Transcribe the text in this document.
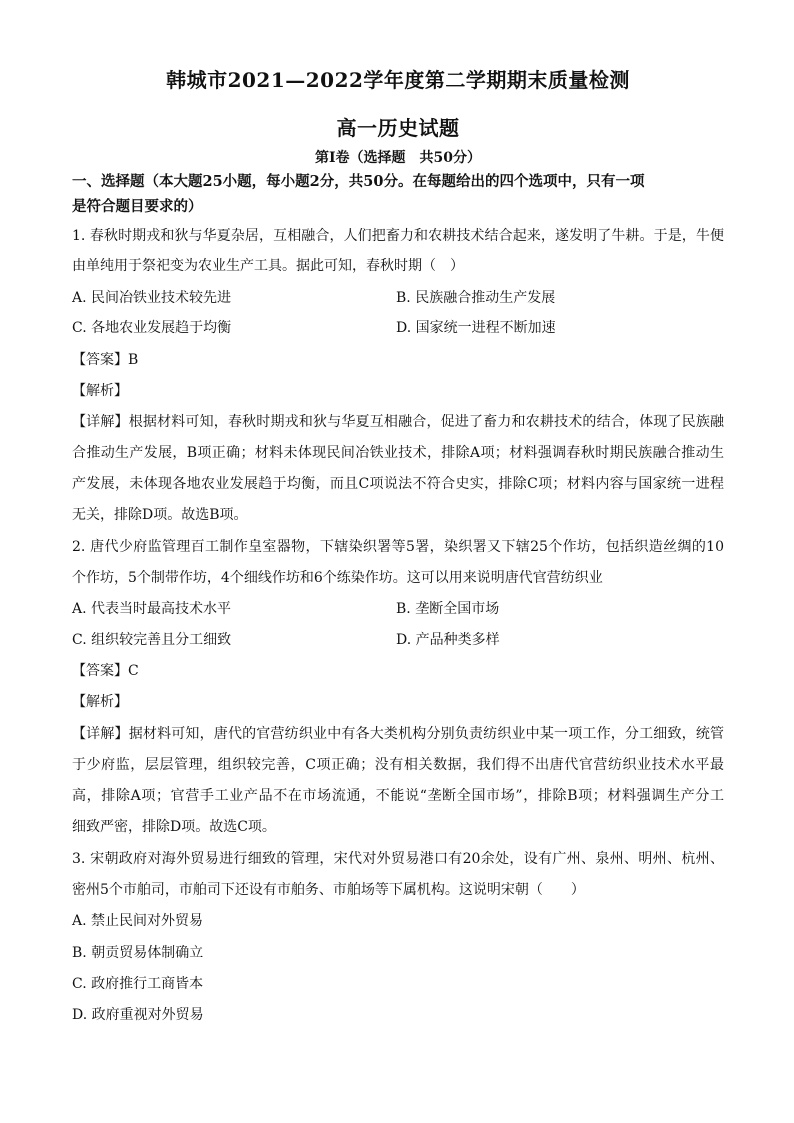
韩城市2021—2022学年度第二学期期末质量检测
高一历史试题
第I卷（选择题　共50分）
一、选择题（本大题25小题，每小题2分，共50分。在每题给出的四个选项中，只有一项
是符合题目要求的）
1. 春秋时期戎和狄与华夏杂居，互相融合，人们把畜力和农耕技术结合起来，遂发明了牛耕。于是，牛便
由单纯用于祭祀变为农业生产工具。据此可知，春秋时期（　）
A. 民间冶铁业技术较先进	B. 民族融合推动生产发展
C. 各地农业发展趋于均衡	D. 国家统一进程不断加速
【答案】B
【解析】
【详解】根据材料可知，春秋时期戎和狄与华夏互相融合，促进了畜力和农耕技术的结合，体现了民族融
合推动生产发展，B项正确；材料未体现民间冶铁业技术，排除A项；材料强调春秋时期民族融合推动生
产发展，未体现各地农业发展趋于均衡，而且C项说法不符合史实，排除C项；材料内容与国家统一进程
无关，排除D项。故选B项。
2. 唐代少府监管理百工制作皇室器物，下辖染织署等5署，染织署又下辖25个作坊，包括织造丝绸的10
个作坊，5个制带作坊，4个细线作坊和6个练染作坊。这可以用来说明唐代官营纺织业
A. 代表当时最高技术水平	B. 垄断全国市场
C. 组织较完善且分工细致	D. 产品种类多样
【答案】C
【解析】
【详解】据材料可知，唐代的官营纺织业中有各大类机构分别负责纺织业中某一项工作，分工细致，统管
于少府监，层层管理，组织较完善，C项正确；没有相关数据，我们得不出唐代官营纺织业技术水平最
高，排除A项；官营手工业产品不在市场流通，不能说“垄断全国市场”，排除B项；材料强调生产分工
细致严密，排除D项。故选C项。
3. 宋朝政府对海外贸易进行细致的管理，宋代对外贸易港口有20余处，设有广州、泉州、明州、杭州、
密州5个市舶司，市舶司下还设有市舶务、市舶场等下属机构。这说明宋朝（　　）
A. 禁止民间对外贸易
B. 朝贡贸易体制确立
C. 政府推行工商皆本
D. 政府重视对外贸易
